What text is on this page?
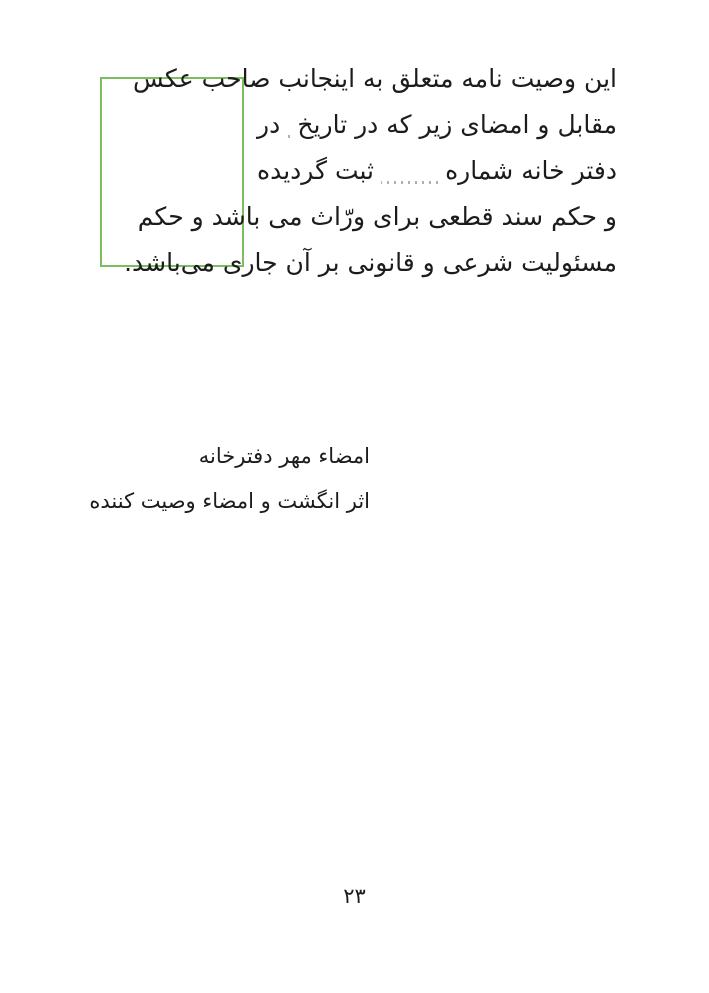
این وصیت نامه متعلق به اینجانب صاحب عکس
مقابل و امضای زیر که در تاریخ
در
دفتر خانه شماره
ثبت گردیده
و حکم سند قطعی برای ورّاث می باشد و حکم
مسئولیت شرعی و قانونی بر آن جاری می‌باشد.
امضاء مهر دفترخانه
اثر انگشت و امضاء وصیت کننده
۲۳
